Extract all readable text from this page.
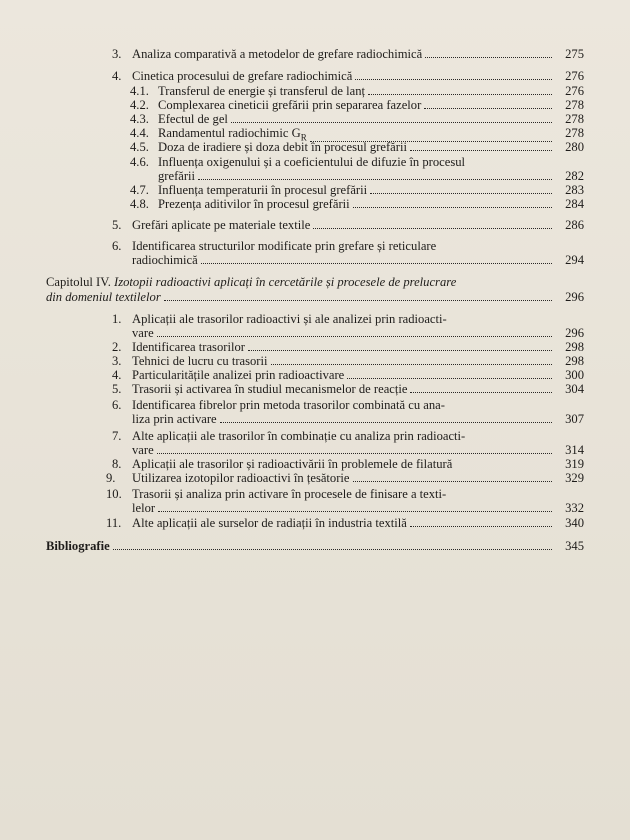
3. Analiza comparativă a metodelor de grefare radiochimică	275
4. Cinetica procesului de grefare radiochimică	276
4.1. Transferul de energie și transferul de lanț	276
4.2. Complexarea cineticii grefării prin separarea fazelor	278
4.3. Efectul de gel	278
4.4. Randamentul radiochimic $G_R$	278
4.5. Doza de iradiere și doza debit în procesul grefării	280
4.6. Influența oxigenului și a coeficientului de difuzie în procesul
grefării	282
4.7. Influența temperaturii în procesul grefării	283
4.8. Prezența aditivilor în procesul grefării	284
5. Grefări aplicate pe materiale textile	286
6. Identificarea structurilor modificate prin grefare și reticulare
radiochimică	294
Capitolul IV. Izotopii radioactivi aplicați în cercetările și procesele de prelucrare
din domeniul textilelor	296
1. Aplicații ale trasorilor radioactivi și ale analizei prin radioacti-
vare	296
2. Identificarea trasorilor	298
3. Tehnici de lucru cu trasorii	298
4. Particularitățile analizei prin radioactivare	300
5. Trasorii și activarea în studiul mecanismelor de reacție	304
6. Identificarea fibrelor prin metoda trasorilor combinată cu ana-
liza prin activare	307
7. Alte aplicații ale trasorilor în combinație cu analiza prin radioacti-
vare	314
8. Aplicații ale trasorilor și radioactivării în problemele de filatură	319
9.	Utilizarea izotopilor radioactivi în țesătorie	329
10. Trasorii și analiza prin activare în procesele de finisare a texti-
lelor	332
11. Alte aplicații ale surselor de radiații în industria textilă	340
Bibliografie	345
